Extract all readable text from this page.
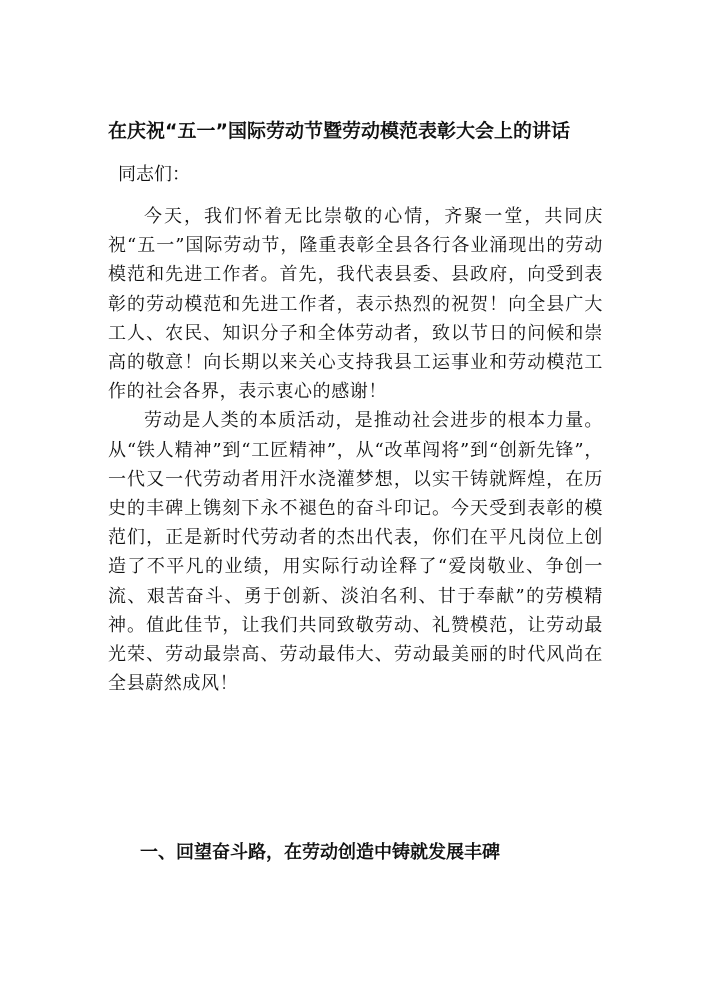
在庆祝“五一”国际劳动节暨劳动模范表彰大会上的讲话

同志们：

今天，我们怀着无比崇敬的心情，齐聚一堂，共同庆祝“五一”国际劳动节，隆重表彰全县各行各业涌现出的劳动模范和先进工作者。首先，我代表县委、县政府，向受到表彰的劳动模范和先进工作者，表示热烈的祝贺！向全县广大工人、农民、知识分子和全体劳动者，致以节日的问候和崇高的敬意！向长期以来关心支持我县工运事业和劳动模范工作的社会各界，表示衷心的感谢！

劳动是人类的本质活动，是推动社会进步的根本力量。从“铁人精神”到“工匠精神”，从“改革闯将”到“创新先锋”，一代又一代劳动者用汗水浇灌梦想，以实干铸就辉煌，在历史的丰碑上镌刻下永不褪色的奋斗印记。今天受到表彰的模范们，正是新时代劳动者的杰出代表，你们在平凡岗位上创造了不平凡的业绩，用实际行动诠释了“爱岗敬业、争创一流、艰苦奋斗、勇于创新、淡泊名利、甘于奉献”的劳模精神。值此佳节，让我们共同致敬劳动、礼赞模范，让劳动最光荣、劳动最崇高、劳动最伟大、劳动最美丽的时代风尚在全县蔚然成风！

一、回望奋斗路，在劳动创造中铸就发展丰碑
